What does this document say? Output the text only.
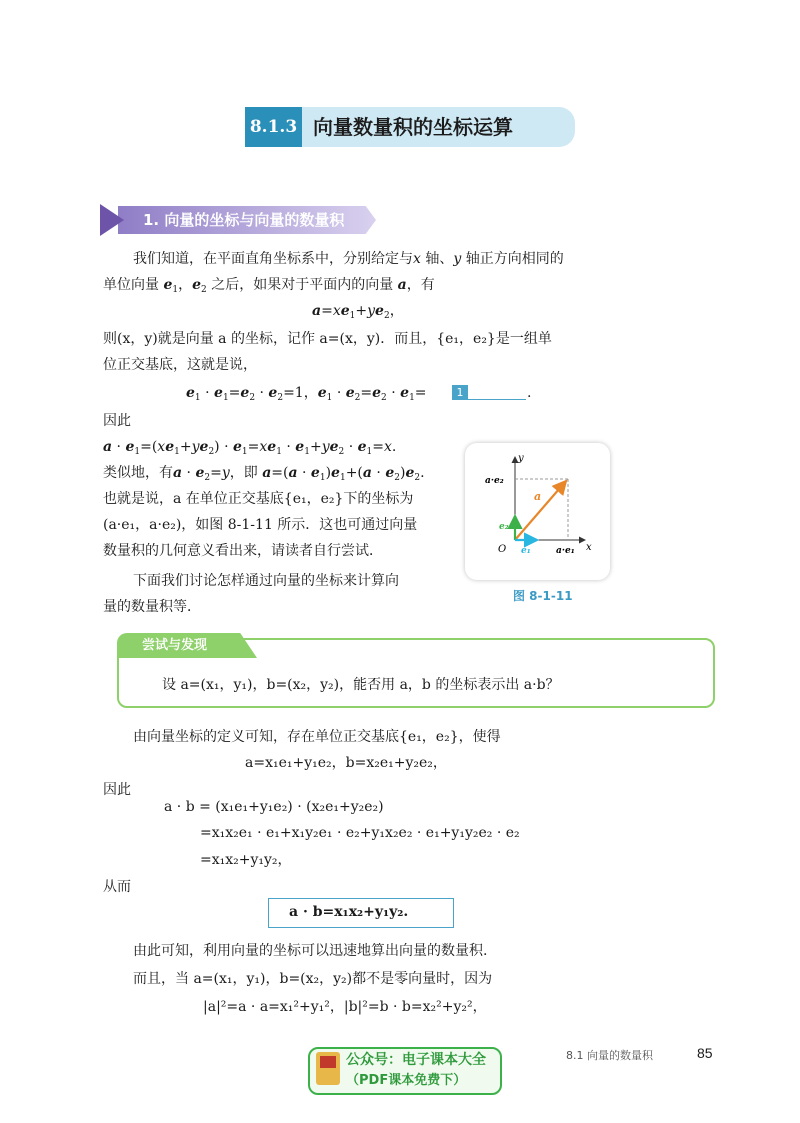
8.1.3 向量数量积的坐标运算
1. 向量的坐标与向量的数量积
我们知道，在平面直角坐标系中，分别给定与x 轴、y 轴正方向相同的
单位向量 $e_1$，$e_2$ 之后，如果对于平面内的向量 a，有
$a=xe_1+ye_2$，
则(x，y)就是向量 a 的坐标，记作 a=(x，y)．而且，{e₁，e₂}是一组单
位正交基底，这就是说，
$e_1 \cdot e_1=e_2 \cdot e_2=1$，$e_1 \cdot e_2=e_2 \cdot e_1=$	1	.
因此
$a \cdot e_1=(xe_1+ye_2) \cdot e_1=xe_1 \cdot e_1+ye_2 \cdot e_1=x$.
类似地，有$a \cdot e_2=y$，即 $a=(a \cdot e_1)e_1+(a \cdot e_2)e_2$.
也就是说，a 在单位正交基底{e₁，e₂}下的坐标为
(a·e₁，a·e₂)，如图 8-1-11 所示．这也可通过向量
数量积的几何意义看出来，请读者自行尝试．
下面我们讨论怎样通过向量的坐标来计算向
量的数量积等．
y
x
O
a
e₂
e₁
a·e₂
a·e₁
图 8-1-11
尝试与发现
设 a=(x₁，y₁)，b=(x₂，y₂)，能否用 a，b 的坐标表示出 a·b？
由向量坐标的定义可知，存在单位正交基底{e₁，e₂}，使得
a=x₁e₁+y₁e₂，b=x₂e₁+y₂e₂，
因此
a · b = (x₁e₁+y₁e₂) · (x₂e₁+y₂e₂)
=x₁x₂e₁ · e₁+x₁y₂e₁ · e₂+y₁x₂e₂ · e₁+y₁y₂e₂ · e₂
=x₁x₂+y₁y₂，
从而
a · b=x₁x₂+y₁y₂.
由此可知，利用向量的坐标可以迅速地算出向量的数量积.
而且，当 a=(x₁，y₁)，b=(x₂，y₂)都不是零向量时，因为
|a|²=a · a=x₁²+y₁²，|b|²=b · b=x₂²+y₂²，
公众号：电子课本大全
（PDF课本免费下）
8.1 向量的数量积	85
